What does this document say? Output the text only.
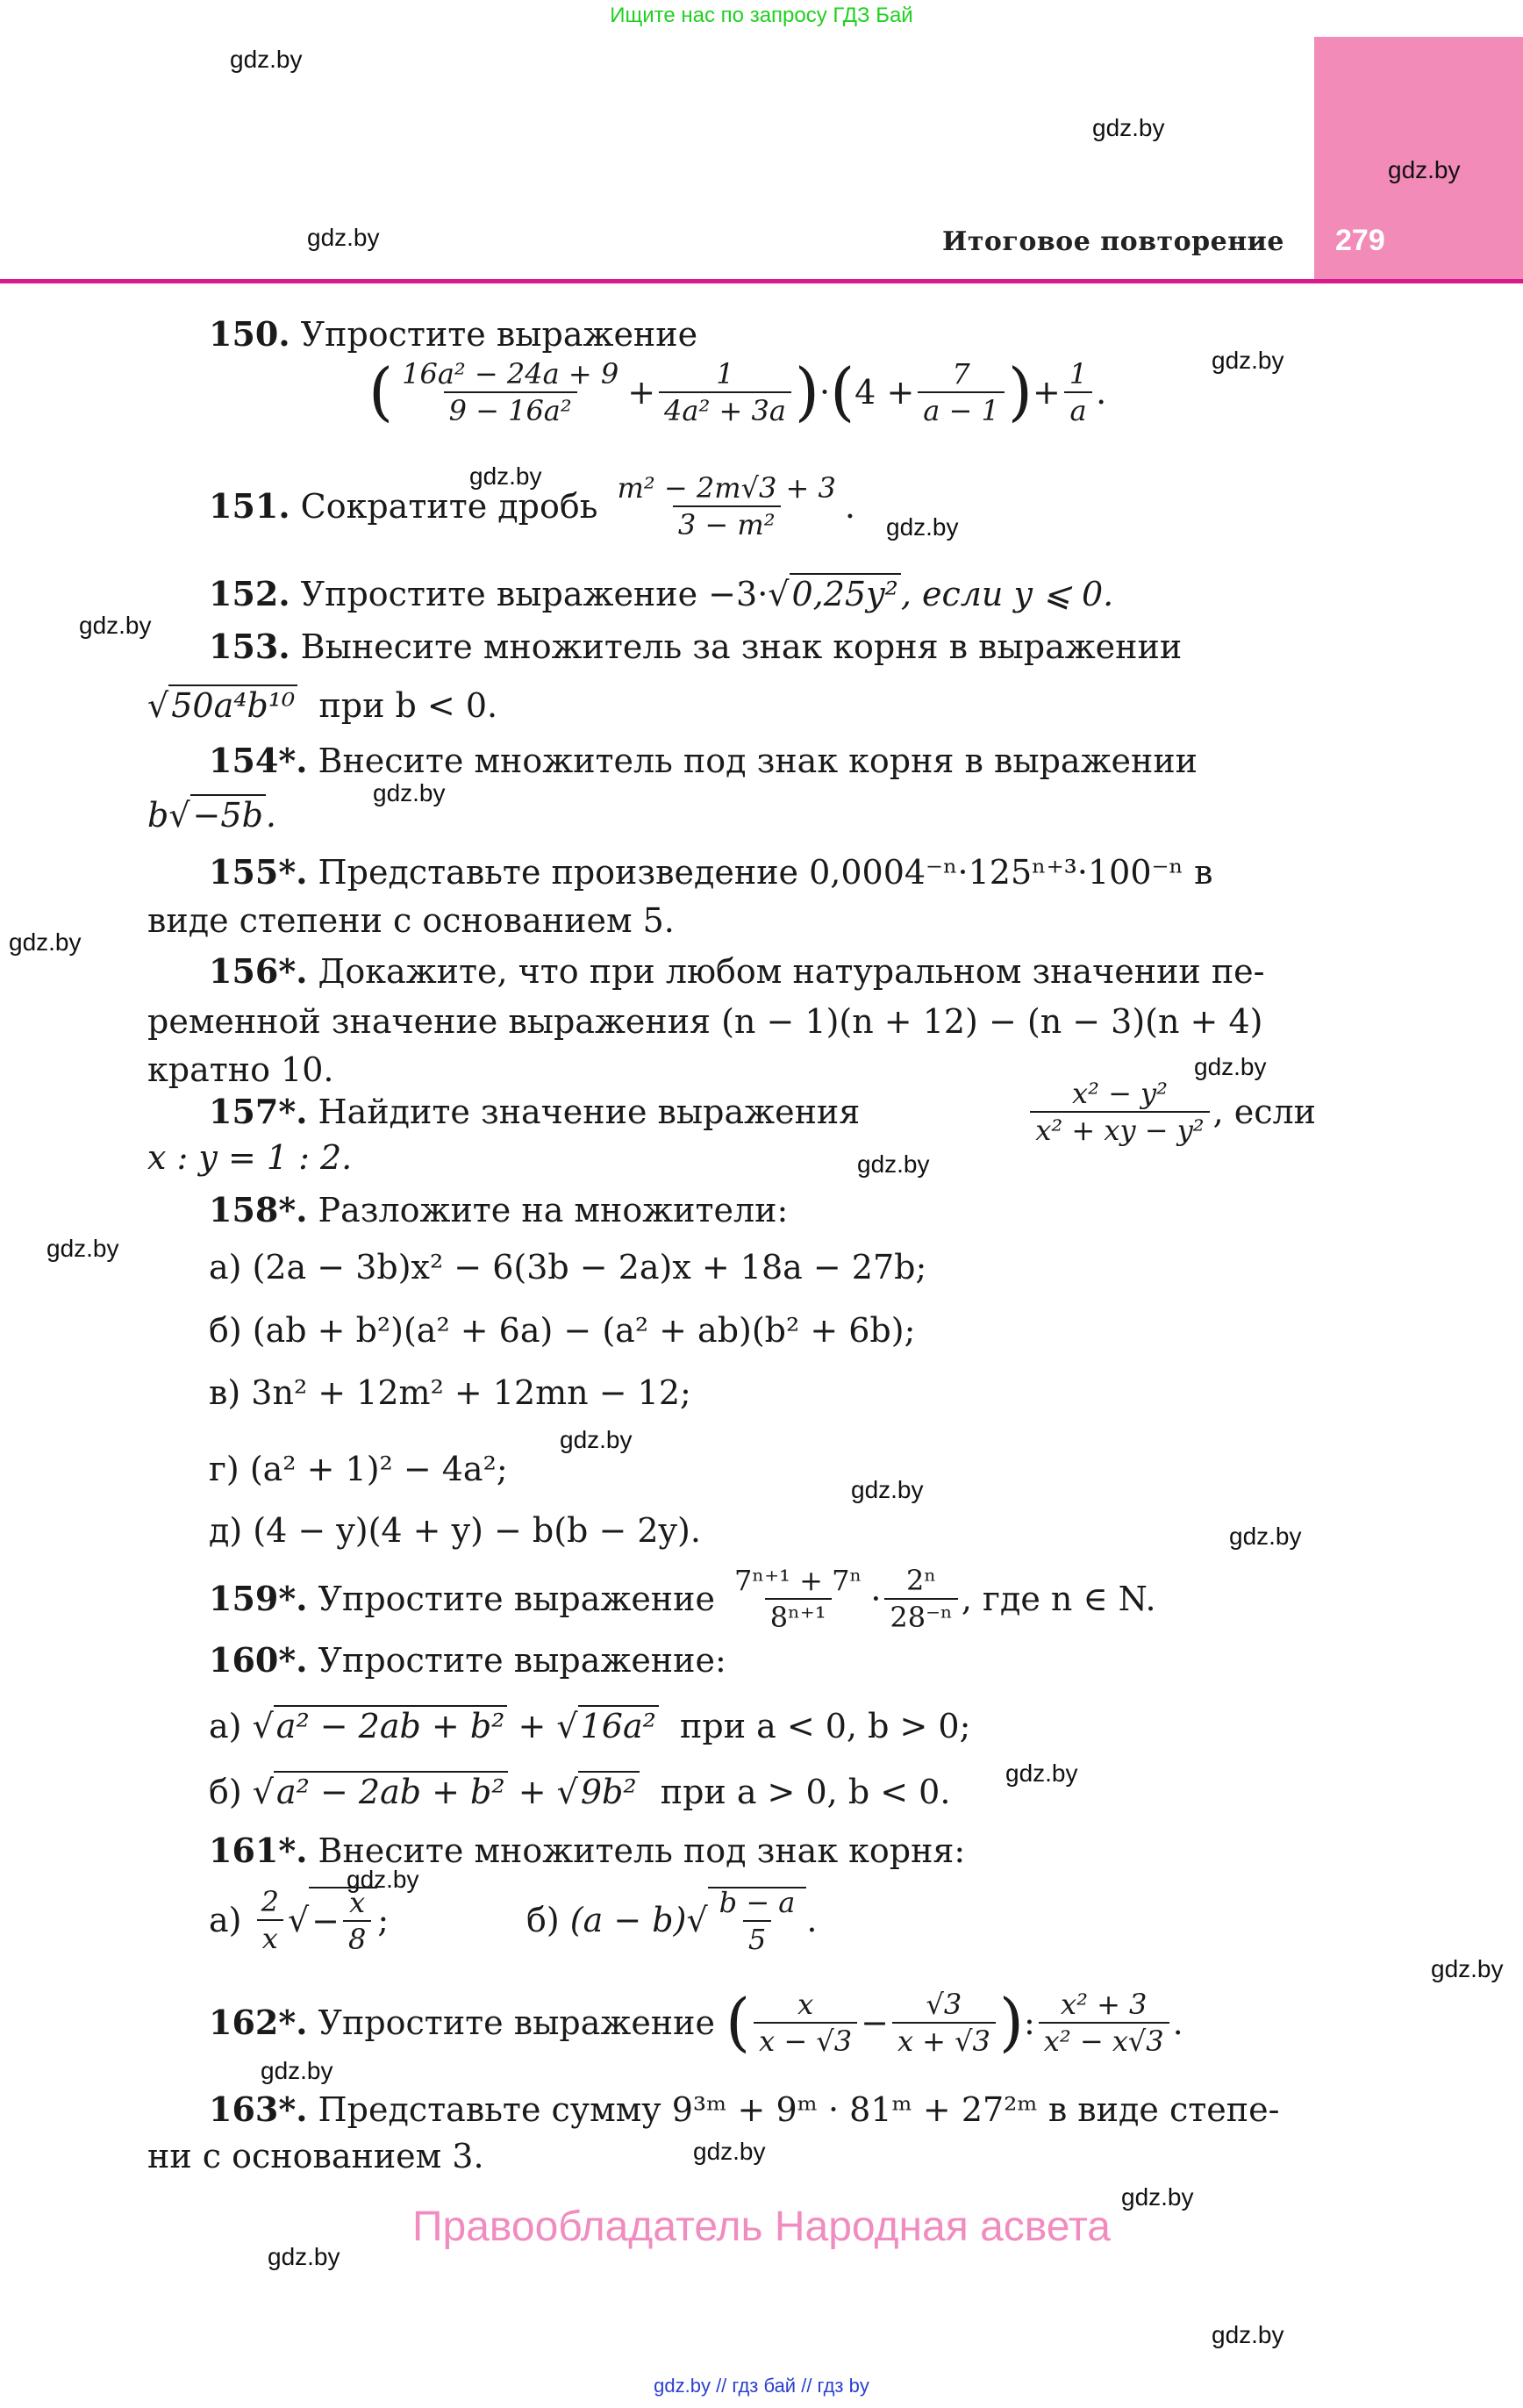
Ищите нас по запросу ГДЗ Бай
279
Итоговое повторение
gdz.by
gdz.by
gdz.by
gdz.by
gdz.by
gdz.by
gdz.by
gdz.by
gdz.by
gdz.by
gdz.by
gdz.by
gdz.by
gdz.by
gdz.by
gdz.by
gdz.by
gdz.by
gdz.by
gdz.by
gdz.by
gdz.by
gdz.by
gdz.by
150. Упростите выражение
( $\frac{\text{16a² − 24a + 9}}{\text{9 − 16a²}} + \frac{1}{\text{4a² + 3a}}$ ) · ( $4 + \frac{7}{a - 1}$ ) + $\frac{1}{a}$ .
151.
Сократите дробь
$\frac{\text{m² − 2m√3 + 3}}{\text{3 − m²}}$ .
152. Упростите выражение −3·√0,25y², если y ⩽ 0.
153. Вынесите множитель за знак корня в выражении
√50a⁴b¹⁰ при b < 0.
154*. Внесите множитель под знак корня в выражении
b√−5b.
155*. Представьте произведение 0,0004⁻ⁿ·125ⁿ⁺³·100⁻ⁿ в
виде степени с основанием 5.
156*. Докажите, что при любом натуральном значении пе-
ременной значение выражения (n − 1)(n + 12) − (n − 3)(n + 4)
кратно 10.
157*. Найдите значение выражения	$\frac{\text{x² − y²}}{\text{x² + xy − y²}}$ , если
x : y = 1 : 2.
158*. Разложите на множители:
а) (2a − 3b)x² − 6(3b − 2a)x + 18a − 27b;
б) (ab + b²)(a² + 6a) − (a² + ab)(b² + 6b);
в) 3n² + 12m² + 12mn − 12;
г) (a² + 1)² − 4a²;
д) (4 − y)(4 + y) − b(b − 2y).
159*.
Упростите выражение
$\frac{\text{7ⁿ⁺¹ + 7ⁿ}}{\text{8ⁿ⁺¹}} \cdot \frac{\text{2ⁿ}}{\text{28⁻ⁿ}}$ , где n ∈ N.
160*. Упростите выражение:
а) √a² − 2ab + b² + √16a² при a < 0, b > 0;
б) √a² − 2ab + b² + √9b² при a > 0, b < 0.
161*. Внесите множитель под знак корня:
а)
$\frac{2}{x}$ √ − $\frac{x}{8}$ ;	б)
(a − b) √ $\frac{b - a}{5}$ .
162*.
Упростите выражение
( $\frac{x}{x - √3} - \frac{√3}{x + √3}$ ) : $\frac{\text{x² + 3}}{\text{x² − x√3}}$ .
163*. Представьте сумму 9³ᵐ + 9ᵐ · 81ᵐ + 27²ᵐ в виде степе-
ни с основанием 3.
Правообладатель Народная асвета
gdz.by // гдз бай // гдз by
